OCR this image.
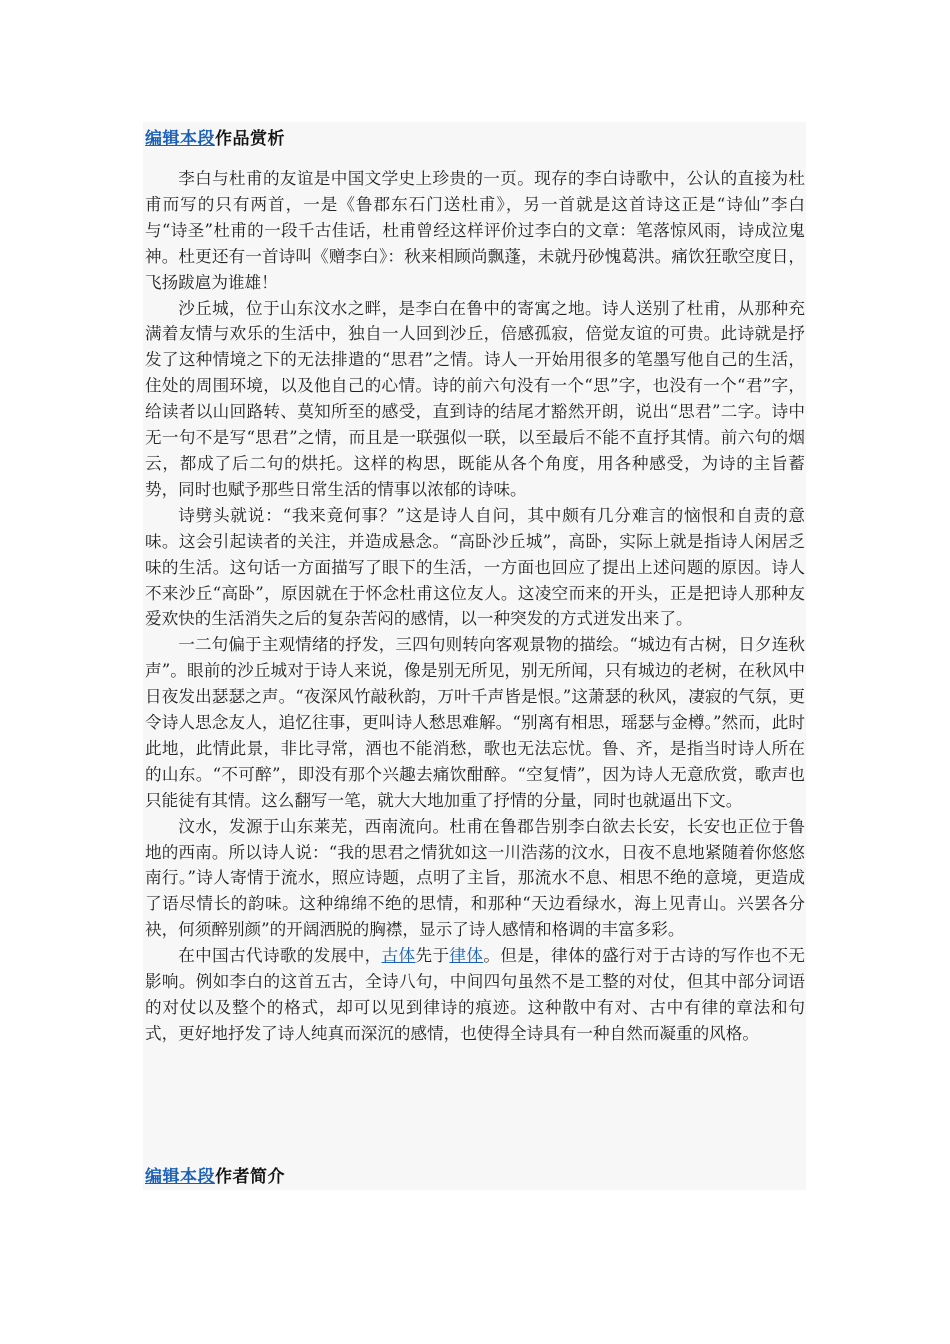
编辑本段作品赏析

李白与杜甫的友谊是中国文学史上珍贵的一页。现存的李白诗歌中，公认的直接为杜甫而写的只有两首，一是《鲁郡东石门送杜甫》，另一首就是这首诗这正是“诗仙”李白与“诗圣”杜甫的一段千古佳话，杜甫曾经这样评价过李白的文章：笔落惊风雨，诗成泣鬼神。杜更还有一首诗叫《赠李白》：秋来相顾尚飘蓬，未就丹砂愧葛洪。痛饮狂歌空度日，飞扬跋扈为谁雄！

沙丘城，位于山东汶水之畔，是李白在鲁中的寄寓之地。诗人送别了杜甫，从那种充满着友情与欢乐的生活中，独自一人回到沙丘，倍感孤寂，倍觉友谊的可贵。此诗就是抒发了这种情境之下的无法排遣的“思君”之情。诗人一开始用很多的笔墨写他自己的生活，住处的周围环境，以及他自己的心情。诗的前六句没有一个“思”字，也没有一个“君”字，给读者以山回路转、莫知所至的感受，直到诗的结尾才豁然开朗，说出“思君”二字。诗中无一句不是写“思君”之情，而且是一联强似一联，以至最后不能不直抒其情。前六句的烟云，都成了后二句的烘托。这样的构思，既能从各个角度，用各种感受，为诗的主旨蓄势，同时也赋予那些日常生活的情事以浓郁的诗味。

诗劈头就说：“我来竟何事？”这是诗人自问，其中颇有几分难言的恼恨和自责的意味。这会引起读者的关注，并造成悬念。“高卧沙丘城”，高卧，实际上就是指诗人闲居乏味的生活。这句话一方面描写了眼下的生活，一方面也回应了提出上述问题的原因。诗人不来沙丘“高卧”，原因就在于怀念杜甫这位友人。这凌空而来的开头，正是把诗人那种友爱欢快的生活消失之后的复杂苦闷的感情，以一种突发的方式迸发出来了。

一二句偏于主观情绪的抒发，三四句则转向客观景物的描绘。“城边有古树，日夕连秋声”。眼前的沙丘城对于诗人来说，像是别无所见，别无所闻，只有城边的老树，在秋风中日夜发出瑟瑟之声。“夜深风竹敲秋韵，万叶千声皆是恨。”这萧瑟的秋风，凄寂的气氛，更令诗人思念友人，追忆往事，更叫诗人愁思难解。“别离有相思，瑶瑟与金樽。”然而，此时此地，此情此景，非比寻常，酒也不能消愁，歌也无法忘忧。鲁、齐，是指当时诗人所在的山东。“不可醉”，即没有那个兴趣去痛饮酣醉。“空复情”，因为诗人无意欣赏，歌声也只能徒有其情。这么翻写一笔，就大大地加重了抒情的分量，同时也就逼出下文。

汶水，发源于山东莱芜，西南流向。杜甫在鲁郡告别李白欲去长安，长安也正位于鲁地的西南。所以诗人说：“我的思君之情犹如这一川浩荡的汶水，日夜不息地紧随着你悠悠南行。”诗人寄情于流水，照应诗题，点明了主旨，那流水不息、相思不绝的意境，更造成了语尽情长的韵味。这种绵绵不绝的思情，和那种“天边看绿水，海上见青山。兴罢各分袂，何须醉别颜”的开阔洒脱的胸襟，显示了诗人感情和格调的丰富多彩。

在中国古代诗歌的发展中，古体先于律体。但是，律体的盛行对于古诗的写作也不无影响。例如李白的这首五古，全诗八句，中间四句虽然不是工整的对仗，但其中部分词语的对仗以及整个的格式，却可以见到律诗的痕迹。这种散中有对、古中有律的章法和句式，更好地抒发了诗人纯真而深沉的感情，也使得全诗具有一种自然而凝重的风格。

编辑本段作者简介
